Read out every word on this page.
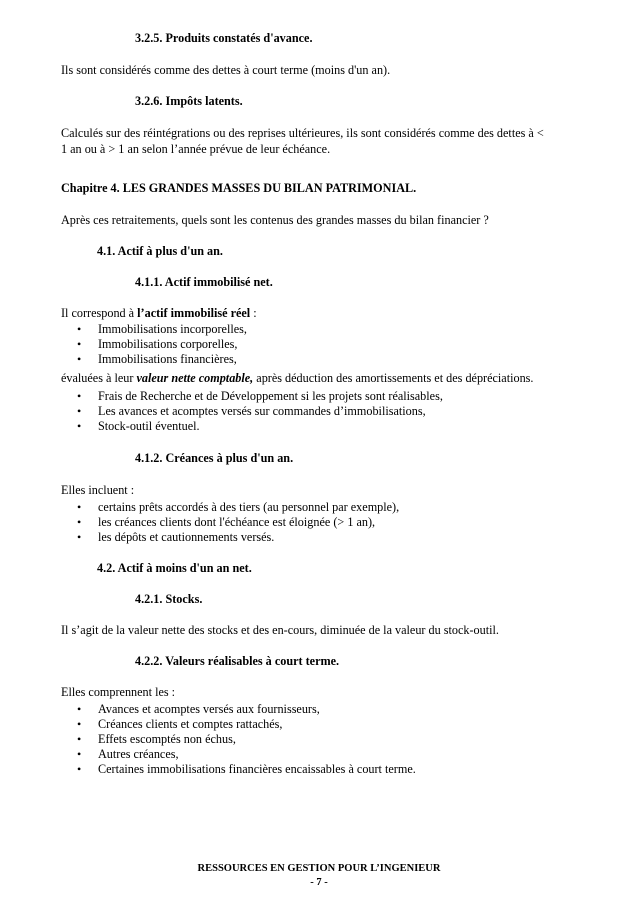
3.2.5. Produits constatés d'avance.
Ils sont considérés comme des dettes à court terme (moins d'un an).
3.2.6. Impôts latents.
Calculés sur des réintégrations ou des reprises ultérieures, ils sont considérés comme des dettes à <
1 an ou à > 1 an selon l’année prévue de leur échéance.
Chapitre 4. LES GRANDES MASSES DU BILAN PATRIMONIAL.
Après ces retraitements, quels sont les contenus des grandes masses du bilan financier ?
4.1. Actif à plus d'un an.
4.1.1. Actif immobilisé net.
Il correspond à l’actif immobilisé réel :
• Immobilisations incorporelles,
• Immobilisations corporelles,
• Immobilisations financières,
évaluées à leur valeur nette comptable, après déduction des amortissements et des dépréciations.
• Frais de Recherche et de Développement si les projets sont réalisables,
• Les avances et acomptes versés sur commandes d’immobilisations,
• Stock-outil éventuel.
4.1.2. Créances à plus d'un an.
Elles incluent :
• certains prêts accordés à des tiers (au personnel par exemple),
• les créances clients dont l'échéance est éloignée (> 1 an),
• les dépôts et cautionnements versés.
4.2. Actif à moins d'un an net.
4.2.1. Stocks.
Il s’agit de la valeur nette des stocks et des en-cours, diminuée de la valeur du stock-outil.
4.2.2. Valeurs réalisables à court terme.
Elles comprennent les :
• Avances et acomptes versés aux fournisseurs,
• Créances clients et comptes rattachés,
• Effets escomptés non échus,
• Autres créances,
• Certaines immobilisations financières encaissables à court terme.
RESSOURCES EN GESTION POUR L’INGENIEUR
- 7 -
